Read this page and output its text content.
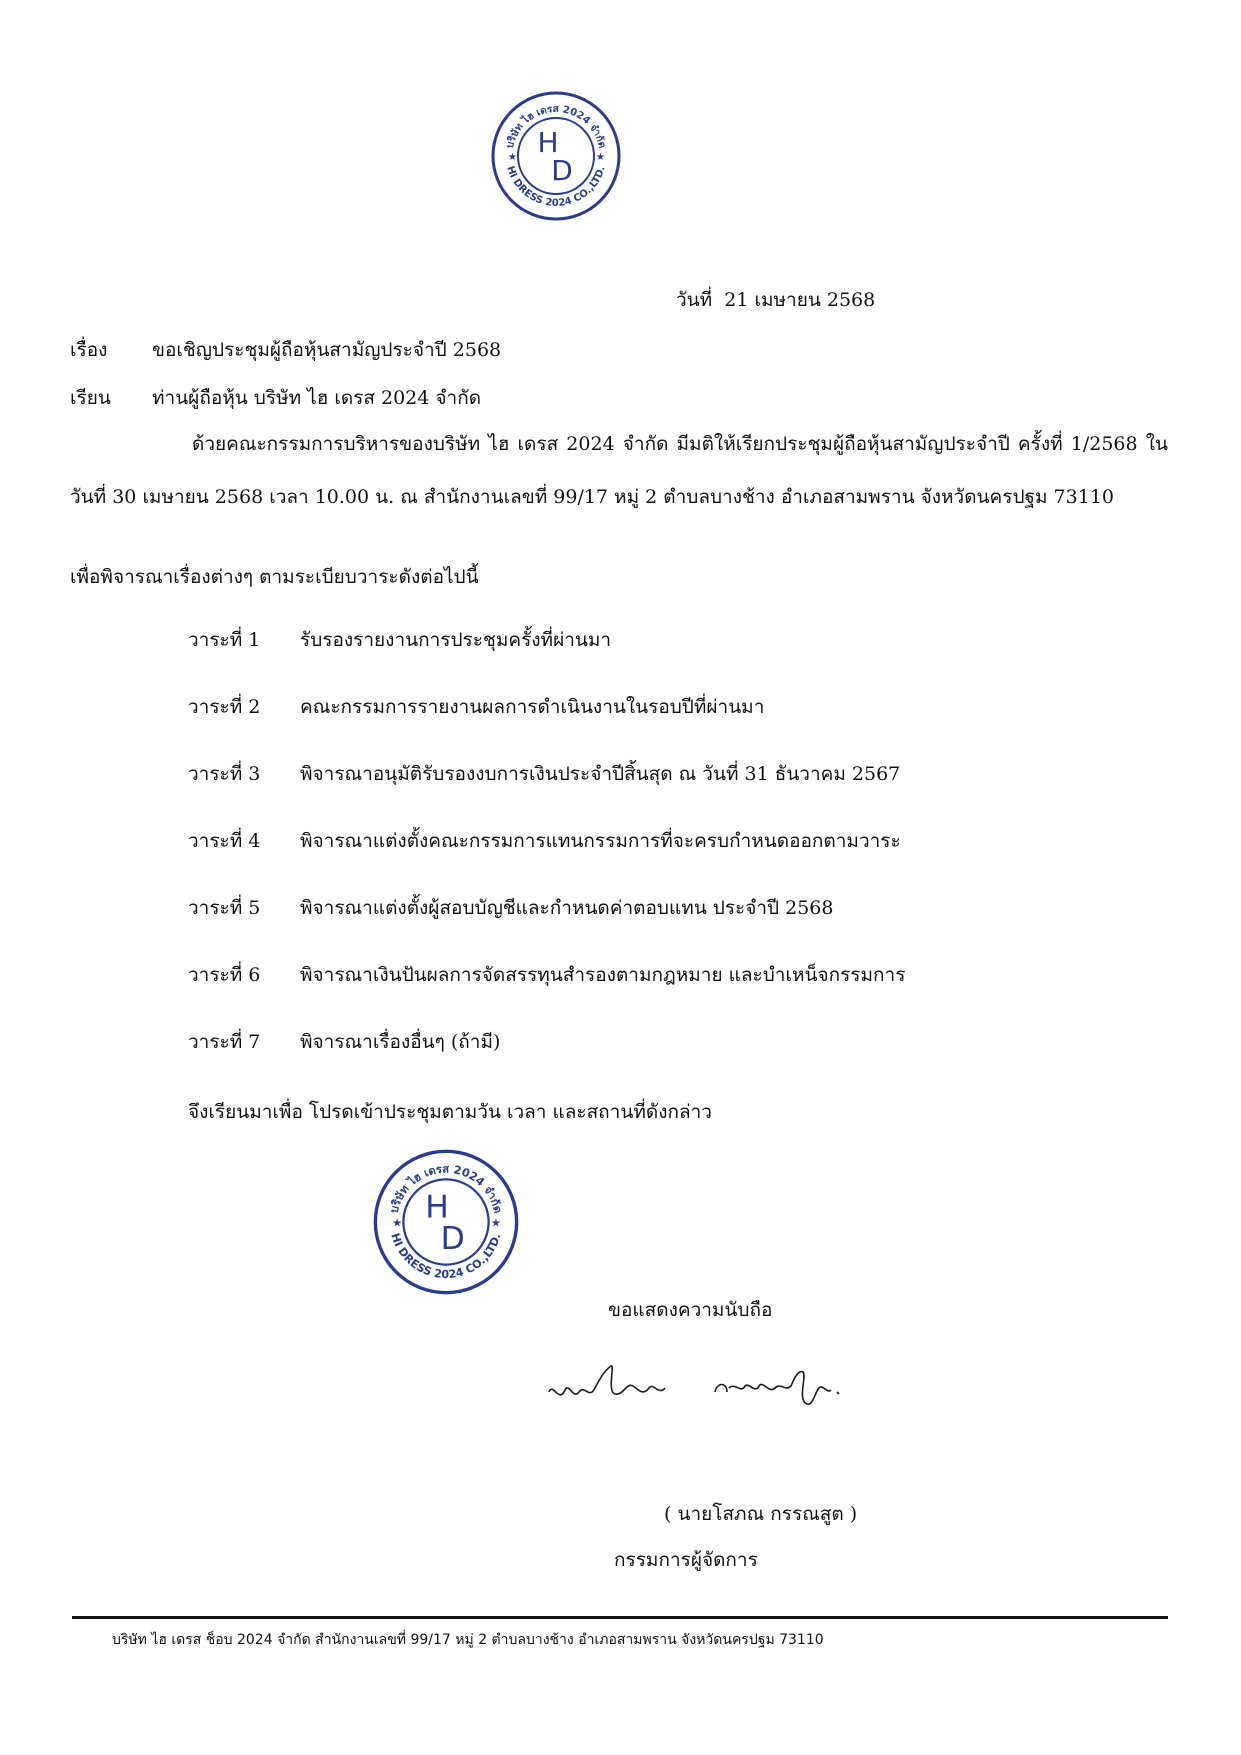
บริษัท ไฮ เดรส 2024 จำกัด
HI DRESS 2024 CO.,LTD.
★	★
H
D
วันที่ 21 เมษายน 2568
เรื่อง ขอเชิญประชุมผู้ถือหุ้นสามัญประจำปี 2568
เรียน ท่านผู้ถือหุ้น บริษัท ไฮ เดรส 2024 จำกัด
ด้วยคณะกรรมการบริหารของบริษัท ไฮ เดรส 2024 จำกัด มีมติให้เรียกประชุมผู้ถือหุ้นสามัญประจำปี ครั้งที่ 1/2568 ในวันที่ 30 เมษายน 2568 เวลา 10.00 น. ณ สำนักงานเลขที่ 99/17 หมู่ 2 ตำบลบางช้าง อำเภอสามพราน จังหวัดนครปฐม 73110
เพื่อพิจารณาเรื่องต่างๆ ตามระเบียบวาระดังต่อไปนี้
วาระที่ 1 รับรองรายงานการประชุมครั้งที่ผ่านมา
วาระที่ 2 คณะกรรมการรายงานผลการดำเนินงานในรอบปีที่ผ่านมา
วาระที่ 3 พิจารณาอนุมัติรับรองงบการเงินประจำปีสิ้นสุด ณ วันที่ 31 ธันวาคม 2567
วาระที่ 4 พิจารณาแต่งตั้งคณะกรรมการแทนกรรมการที่จะครบกำหนดออกตามวาระ
วาระที่ 5 พิจารณาแต่งตั้งผู้สอบบัญชีและกำหนดค่าตอบแทน ประจำปี 2568
วาระที่ 6 พิจารณาเงินปันผลการจัดสรรทุนสำรองตามกฎหมาย และบำเหน็จกรรมการ
วาระที่ 7 พิจารณาเรื่องอื่นๆ (ถ้ามี)
จึงเรียนมาเพื่อ โปรดเข้าประชุมตามวัน เวลา และสถานที่ดังกล่าว
บริษัท ไฮ เดรส 2024 จำกัด
HI DRESS 2024 CO.,LTD.
★	★
H
D
ขอแสดงความนับถือ
( นายโสภณ กรรณสูต )
กรรมการผู้จัดการ
บริษัท ไฮ เดรส ช็อบ 2024 จำกัด สำนักงานเลขที่ 99/17 หมู่ 2 ตำบลบางช้าง อำเภอสามพราน จังหวัดนครปฐม 73110
